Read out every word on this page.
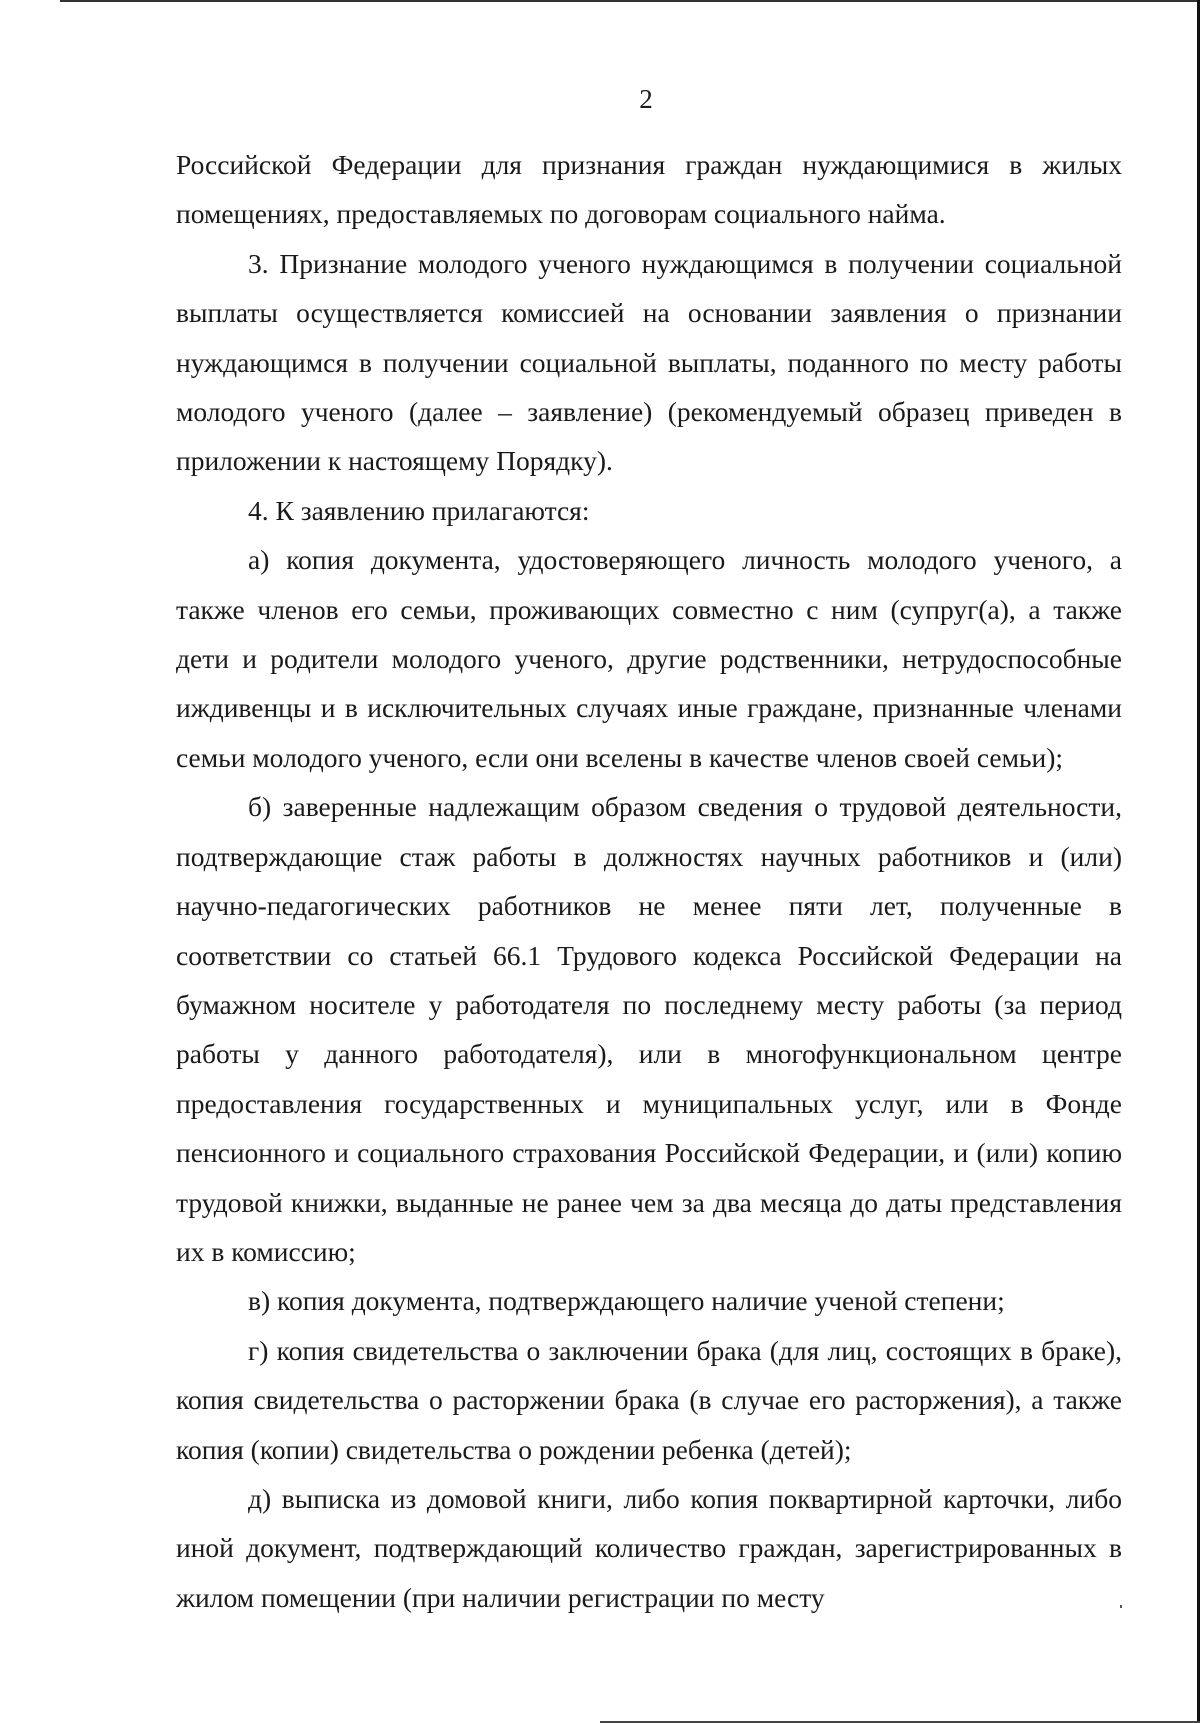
2

Российской Федерации для признания граждан нуждающимися в жилых помещениях, предоставляемых по договорам социального найма.

3. Признание молодого ученого нуждающимся в получении социальной выплаты осуществляется комиссией на основании заявления о признании нуждающимся в получении социальной выплаты, поданного по месту работы молодого ученого (далее – заявление) (рекомендуемый образец приведен в приложении к настоящему Порядку).

4. К заявлению прилагаются:

а) копия документа, удостоверяющего личность молодого ученого, а также членов его семьи, проживающих совместно с ним (супруг(а), а также дети и родители молодого ученого, другие родственники, нетрудоспособные иждивенцы и в исключительных случаях иные граждане, признанные членами семьи молодого ученого, если они вселены в качестве членов своей семьи);

б) заверенные надлежащим образом сведения о трудовой деятельности, подтверждающие стаж работы в должностях научных работников и (или) научно-педагогических работников не менее пяти лет, полученные в соответствии со статьей 66.1 Трудового кодекса Российской Федерации на бумажном носителе у работодателя по последнему месту работы (за период работы у данного работодателя), или в многофункциональном центре предоставления государственных и муниципальных услуг, или в Фонде пенсионного и социального страхования Российской Федерации, и (или) копию трудовой книжки, выданные не ранее чем за два месяца до даты представления их в комиссию;

в) копия документа, подтверждающего наличие ученой степени;

г) копия свидетельства о заключении брака (для лиц, состоящих в браке), копия свидетельства о расторжении брака (в случае его расторжения), а также копия (копии) свидетельства о рождении ребенка (детей);

д) выписка из домовой книги, либо копия поквартирной карточки, либо иной документ, подтверждающий количество граждан, зарегистрированных в жилом помещении (при наличии регистрации по месту
